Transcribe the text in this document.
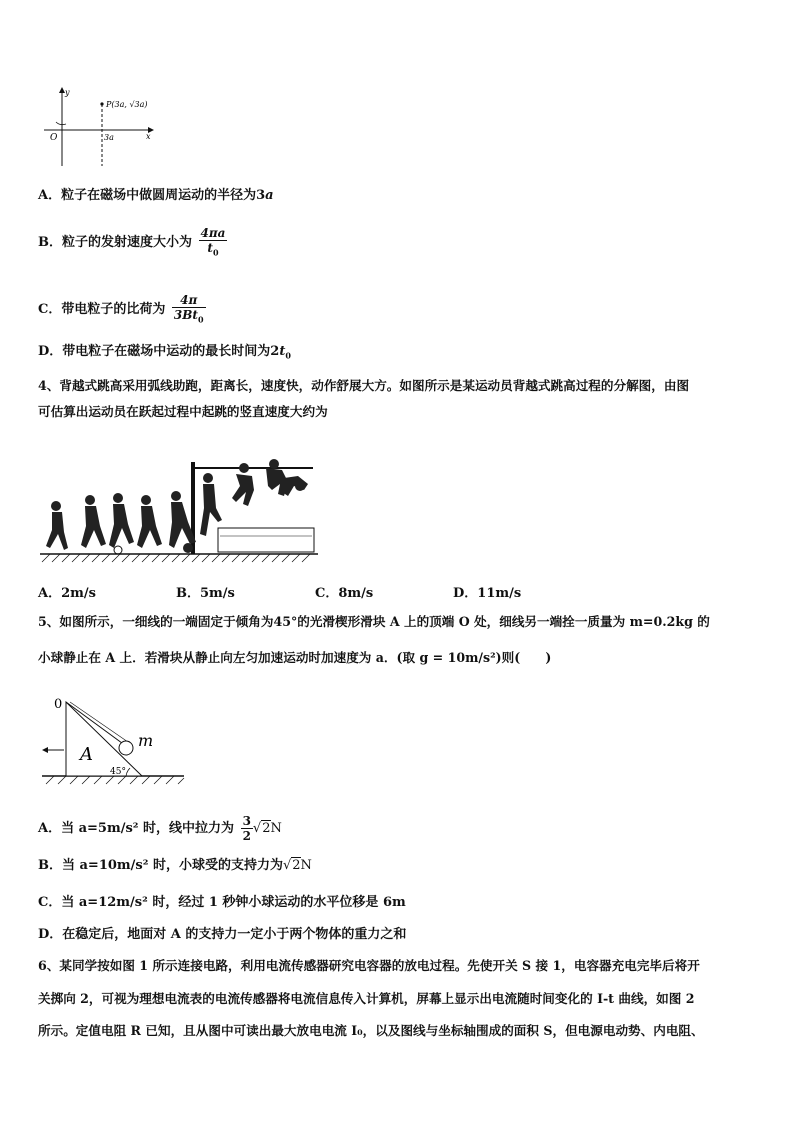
y
x
O
P(3a, √3a)
3a
A．粒子在磁场中做圆周运动的半径为3a
B．粒子的发射速度大小为 $\frac{4\pi a}{t_0}$
C．带电粒子的比荷为 $\frac{4\pi}{3Bt_0}$
D．带电粒子在磁场中运动的最长时间为$2t_0$
4、背越式跳高采用弧线助跑，距离长，速度快，动作舒展大方。如图所示是某运动员背越式跳高过程的分解图，由图
可估算出运动员在跃起过程中起跳的竖直速度大约为
A．2m/s	B．5m/s	C．8m/s	D．11m/s
5、如图所示，一细线的一端固定于倾角为45°的光滑楔形滑块 A 上的顶端 O 处，细线另一端拴一质量为 m=0.2kg 的
小球静止在 A 上．若滑块从静止向左匀加速运动时加速度为 a．(取 g = 10m/s²)则(　　)
0
A
m
45°
A．当 a=5m/s² 时，线中拉力为 $\frac{3}{2} √2N$
B．当 a=10m/s² 时，小球受的支持力为√2N
C．当 a=12m/s² 时，经过 1 秒钟小球运动的水平位移是 6m
D．在稳定后，地面对 A 的支持力一定小于两个物体的重力之和
6、某同学按如图 1 所示连接电路，利用电流传感器研究电容器的放电过程。先使开关 S 接 1，电容器充电完毕后将开
关掷向 2，可视为理想电流表的电流传感器将电流信息传入计算机，屏幕上显示出电流随时间变化的 I-t 曲线，如图 2
所示。定值电阻 R 已知，且从图中可读出最大放电电流 I₀，以及图线与坐标轴围成的面积 S，但电源电动势、内电阻、
